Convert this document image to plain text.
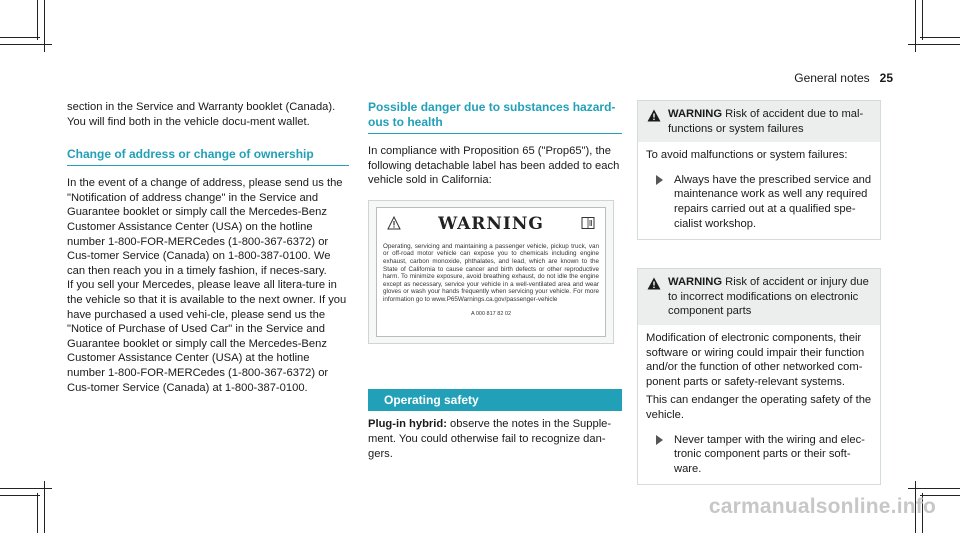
General notes 25

section in the Service and Warranty booklet (Canada). You will find both in the vehicle docu-ment wallet.

Change of address or change of ownership

In the event of a change of address, please send us the "Notification of address change" in the Service and Guarantee booklet or simply call the Mercedes-Benz Customer Assistance Center (USA) on the hotline number 1-800-FOR-MERCedes (1-800-367-6372) or Cus-tomer Service (Canada) on 1-800-387-0100. We can then reach you in a timely fashion, if neces-sary.

If you sell your Mercedes, please leave all litera-ture in the vehicle so that it is available to the next owner. If you have purchased a used vehi-cle, please send us the "Notice of Purchase of Used Car" in the Service and Guarantee booklet or simply call the Mercedes-Benz Customer Assistance Center (USA) at the hotline number 1-800-FOR-MERCedes (1-800-367-6372) or Cus-tomer Service (Canada) at 1-800-387-0100.

Possible danger due to substances hazard-ous to health

In compliance with Proposition 65 ("Prop65"), the following detachable label has been added to each vehicle sold in California:

WARNING
Operating, servicing and maintaining a passenger vehicle, pickup truck, van or off-road motor vehicle can expose you to chemicals including engine exhaust, carbon monoxide, phthalates, and lead, which are known to the State of California to cause cancer and birth defects or other reproductive harm. To minimize exposure, avoid breathing exhaust, do not idle the engine except as necessary, service your vehicle in a well-ventilated area and wear gloves or wash your hands frequently when servicing your vehicle. For more information go to www.P65Warnings.ca.gov/passenger-vehicle
A 000 817 82 02
Operating safety

Plug-in hybrid: observe the notes in the Supple-ment. You could otherwise fail to recognize dan-gers.

WARNING Risk of accident due to mal-functions or system failures

To avoid malfunctions or system failures:

Always have the prescribed service and maintenance work as well any required repairs carried out at a qualified spe-cialist workshop.
WARNING Risk of accident or injury due to incorrect modifications on electronic component parts

Modification of electronic components, their software or wiring could impair their function and/or the function of other networked com-ponent parts or safety-relevant systems.

This can endanger the operating safety of the vehicle.

Never tamper with the wiring and elec-tronic component parts or their soft-ware.
carmanualsonline.info
